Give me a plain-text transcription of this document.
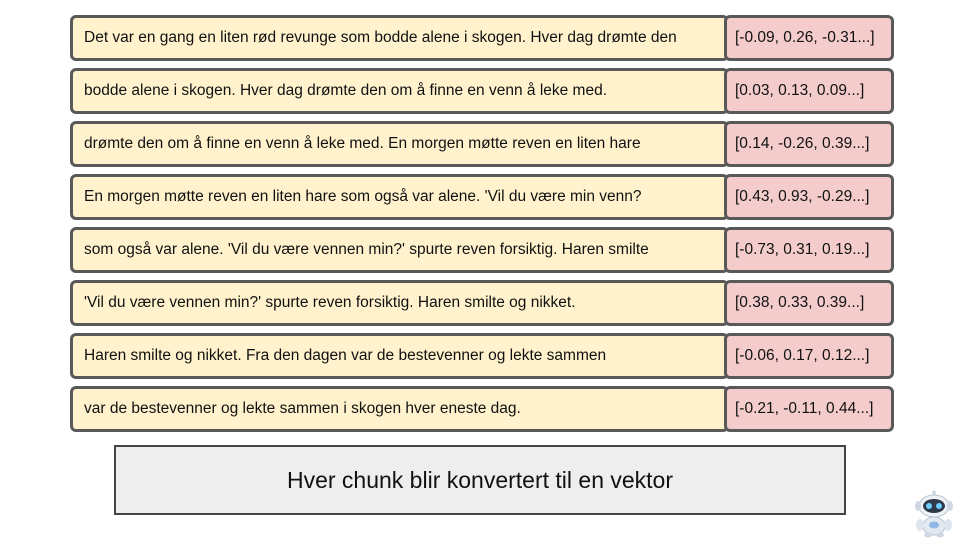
Det var en gang en liten rød revunge som bodde alene i skogen. Hver dag drømte den	[-0.09, 0.26, -0.31...]
bodde alene i skogen. Hver dag drømte den om å finne en venn å leke med.	[0.03, 0.13, 0.09...]
drømte den om å finne en venn å leke med. En morgen møtte reven en liten hare	[0.14, -0.26, 0.39...]
En morgen møtte reven en liten hare som også var alene. 'Vil du være min venn?	[0.43, 0.93, -0.29...]
som også var alene. 'Vil du være vennen min?' spurte reven forsiktig. Haren smilte	[-0.73, 0.31, 0.19...]
'Vil du være vennen min?' spurte reven forsiktig. Haren smilte og nikket.	[0.38, 0.33, 0.39...]
Haren smilte og nikket. Fra den dagen var de bestevenner og lekte sammen	[-0.06, 0.17, 0.12...]
var de bestevenner og lekte sammen i skogen hver eneste dag.	[-0.21, -0.11, 0.44...]
Hver chunk blir konvertert til en vektor
